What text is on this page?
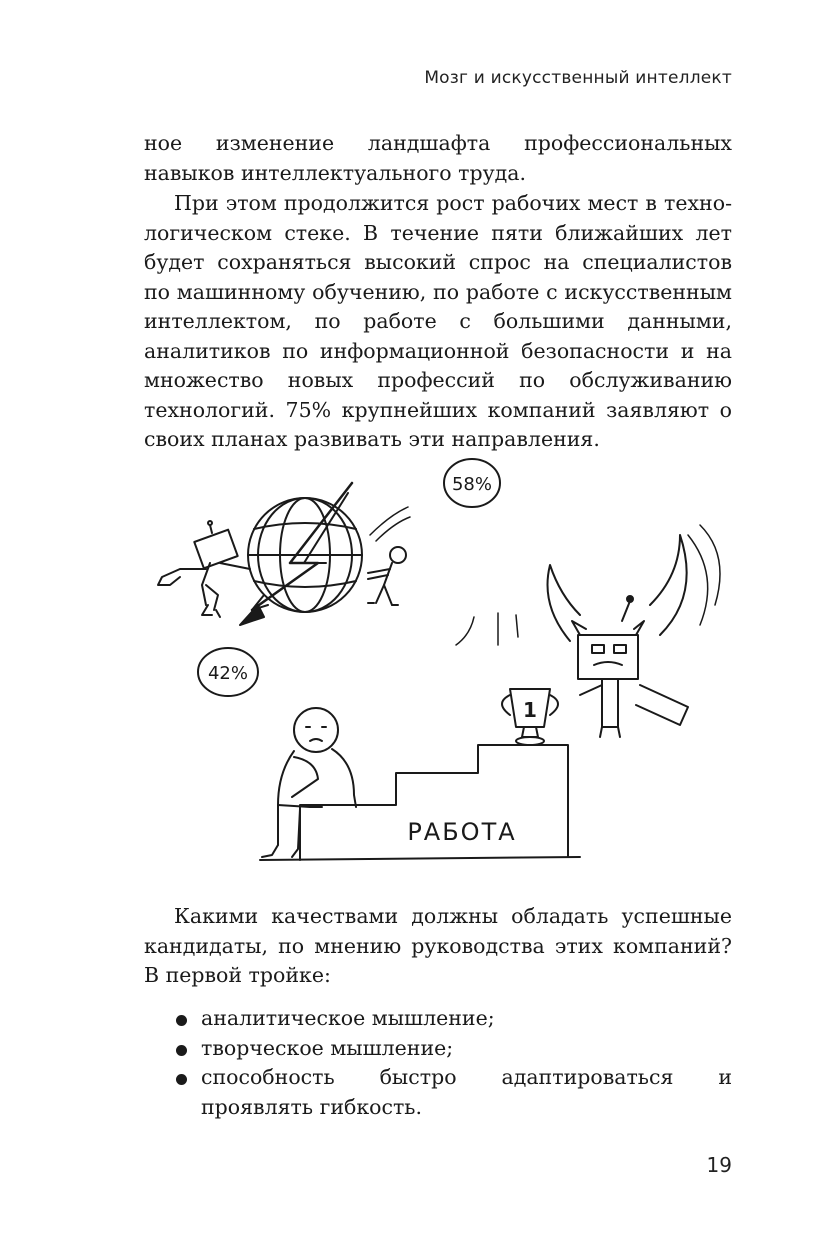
Мозг и искусственный интеллект

ное изменение ландшафта профессиональных навыков интеллектуального труда.

При этом продолжится рост рабочих мест в технологическом стеке. В течение пяти ближайших лет будет сохраняться высокий спрос на специалистов по машинному обучению, по работе с искусственным интеллектом, по работе с большими данными, аналитиков по информационной безопасности и на множество новых профессий по обслуживанию технологий. 75% крупнейших компаний заявляют о своих планах развивать эти направления.

58%
42%
1
РАБОТА

Какими качествами должны обладать успешные кандидаты, по мнению руководства этих компаний? В первой тройке:

аналитическое мышление;
творческое мышление;
способность быстро адаптироваться и проявлять гибкость.
19
